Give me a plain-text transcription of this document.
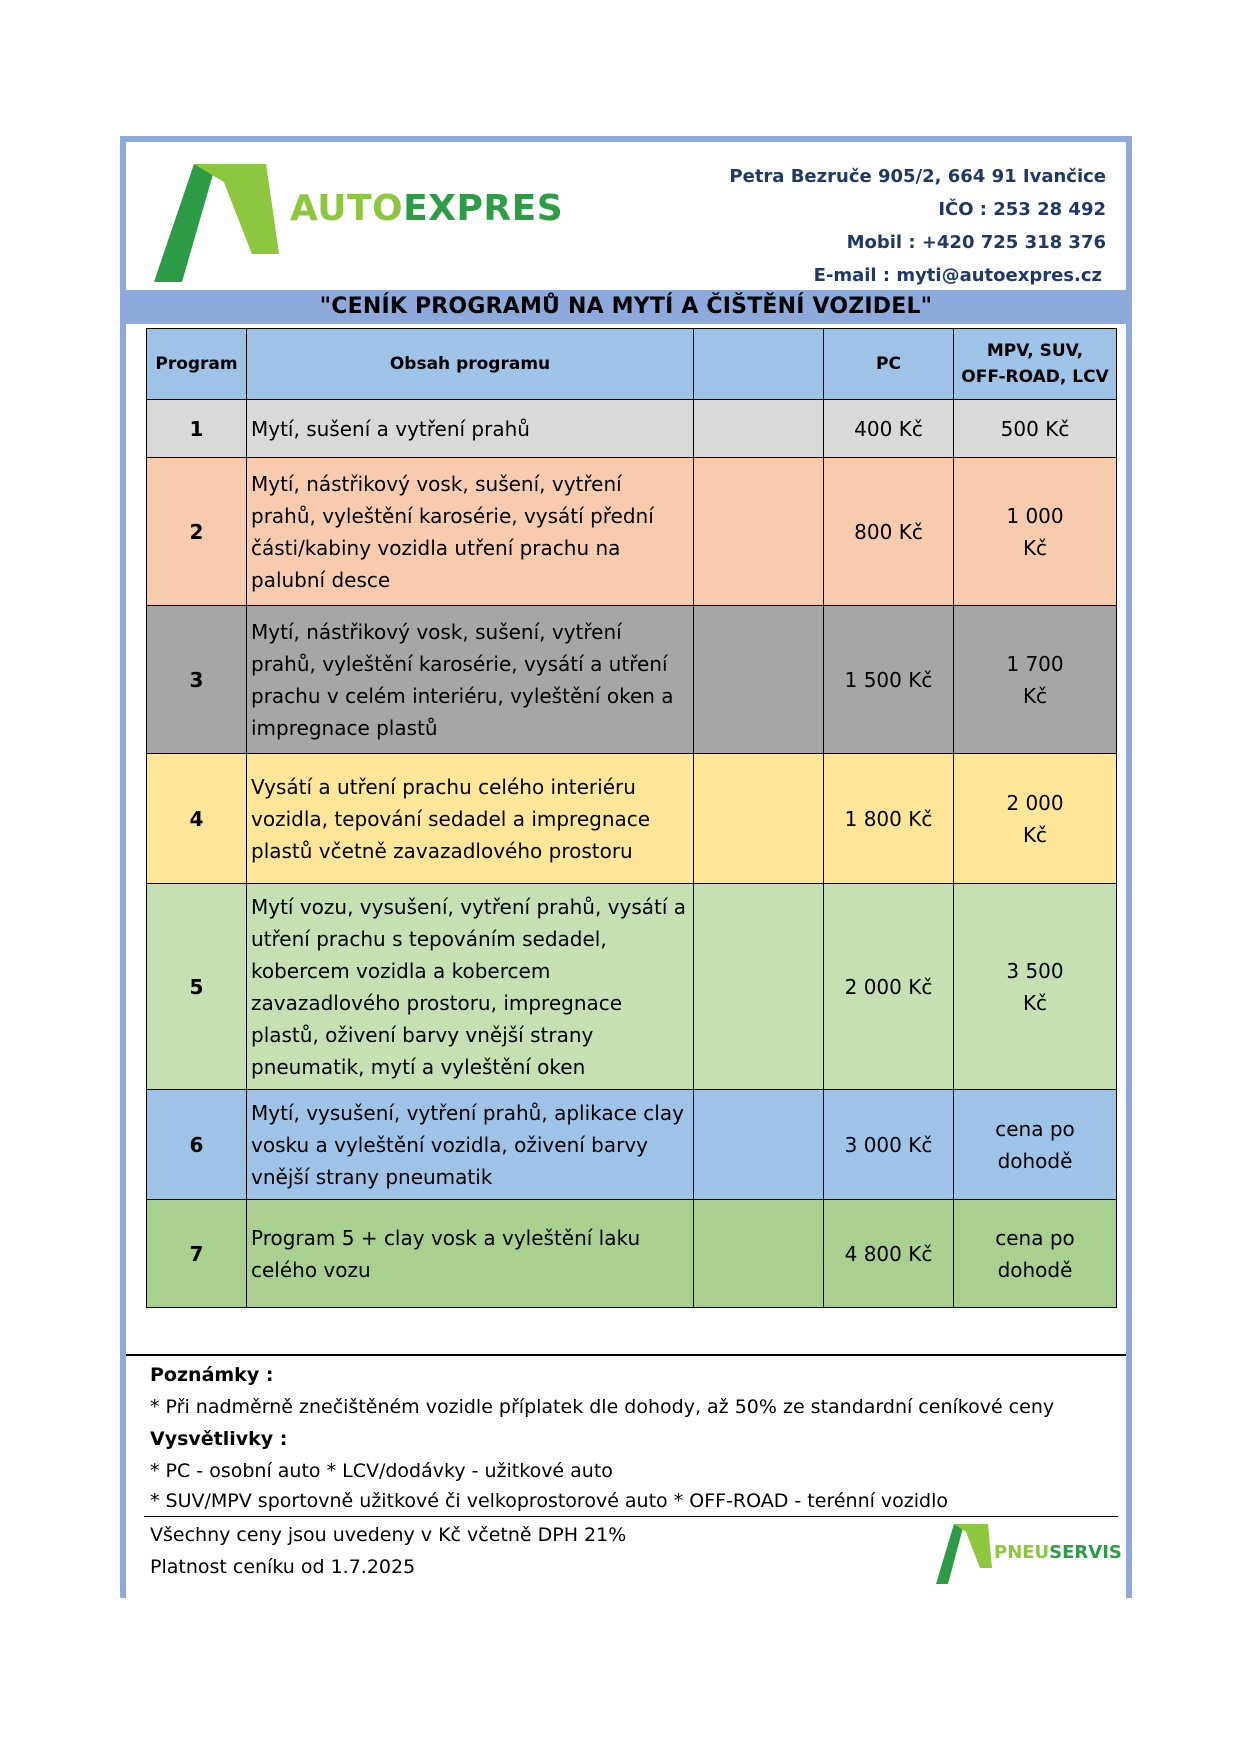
AUTOEXPRES
Petra Bezruče 905/2, 664 91 Ivančice
IČO : 253 28 492
Mobil : +420 725 318 376
E-mail : myti@autoexpres.cz
"CENÍK PROGRAMŮ NA MYTÍ A ČIŠTĚNÍ VOZIDEL"
Program	Obsah programu		PC	MPV, SUV,
OFF-ROAD, LCV
1	Mytí, sušení a vytření prahů		400 Kč	500 Kč
2	Mytí, nástřikový vosk, sušení, vytření prahů, vyleštění karosérie, vysátí přední části/kabiny vozidla utření prachu na palubní desce		800 Kč	1 000 Kč
3	Mytí, nástřikový vosk, sušení, vytření prahů, vyleštění karosérie, vysátí a utření prachu v celém interiéru, vyleštění oken a impregnace plastů		1 500 Kč	1 700 Kč
4	Vysátí a utření prachu celého interiéru vozidla, tepování sedadel a impregnace plastů včetně zavazadlového prostoru		1 800 Kč	2 000 Kč
5	Mytí vozu, vysušení, vytření prahů, vysátí a utření prachu s tepováním sedadel, kobercem vozidla a kobercem zavazadlového prostoru, impregnace plastů, oživení barvy vnější strany pneumatik, mytí a vyleštění oken		2 000 Kč	3 500 Kč
6	Mytí, vysušení, vytření prahů, aplikace clay vosku a vyleštění vozidla, oživení barvy vnější strany pneumatik		3 000 Kč	cena po dohodě
7	Program 5 + clay vosk a vyleštění laku celého vozu		4 800 Kč	cena po dohodě
Poznámky :
* Při nadměrně znečištěném vozidle příplatek dle dohody, až 50% ze standardní ceníkové ceny
Vysvětlivky :
* PC - osobní auto * LCV/dodávky - užitkové auto
* SUV/MPV sportovně užitkové či velkoprostorové auto * OFF-ROAD - terénní vozidlo
Všechny ceny jsou uvedeny v Kč včetně DPH 21%
Platnost ceníku od 1.7.2025
PNEUSERVIS
